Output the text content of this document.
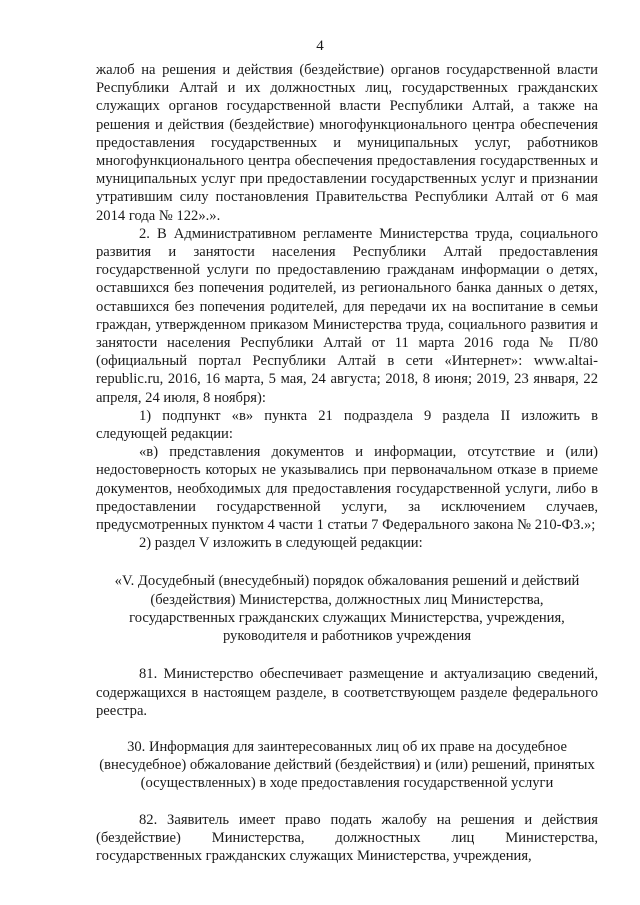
4

жалоб на решения и действия (бездействие) органов государственной власти Республики Алтай и их должностных лиц, государственных гражданских служащих органов государственной власти Республики Алтай, а также на решения и действия (бездействие) многофункционального центра обеспечения предоставления государственных и муниципальных услуг, работников многофункционального центра обеспечения предоставления государственных и муниципальных услуг при предоставлении государственных услуг и признании утратившим силу постановления Правительства Республики Алтай от 6 мая 2014 года № 122».».

2. В Административном регламенте Министерства труда, социального развития и занятости населения Республики Алтай предоставления государственной услуги по предоставлению гражданам информации о детях, оставшихся без попечения родителей, из регионального банка данных о детях, оставшихся без попечения родителей, для передачи их на воспитание в семьи граждан, утвержденном приказом Министерства труда, социального развития и занятости населения Республики Алтай от 11 марта 2016 года № П/80 (официальный портал Республики Алтай в сети «Интернет»: www.altai-republic.ru, 2016, 16 марта, 5 мая, 24 августа; 2018, 8 июня; 2019, 23 января, 22 апреля, 24 июля, 8 ноября):

1) подпункт «в» пункта 21 подраздела 9 раздела II изложить в следующей редакции:

«в) представления документов и информации, отсутствие и (или) недостоверность которых не указывались при первоначальном отказе в приеме документов, необходимых для предоставления государственной услуги, либо в предоставлении государственной услуги, за исключением случаев, предусмотренных пунктом 4 части 1 статьи 7 Федерального закона № 210-ФЗ.»;

2) раздел V изложить в следующей редакции:

«V. Досудебный (внесудебный) порядок обжалования решений и действий (бездействия) Министерства, должностных лиц Министерства, государственных гражданских служащих Министерства, учреждения, руководителя и работников учреждения

81. Министерство обеспечивает размещение и актуализацию сведений, содержащихся в настоящем разделе, в соответствующем разделе федерального реестра.

30. Информация для заинтересованных лиц об их праве на досудебное (внесудебное) обжалование действий (бездействия) и (или) решений, принятых (осуществленных) в ходе предоставления государственной услуги

82. Заявитель имеет право подать жалобу на решения и действия (бездействие) Министерства, должностных лиц Министерства, государственных гражданских служащих Министерства, учреждения,
